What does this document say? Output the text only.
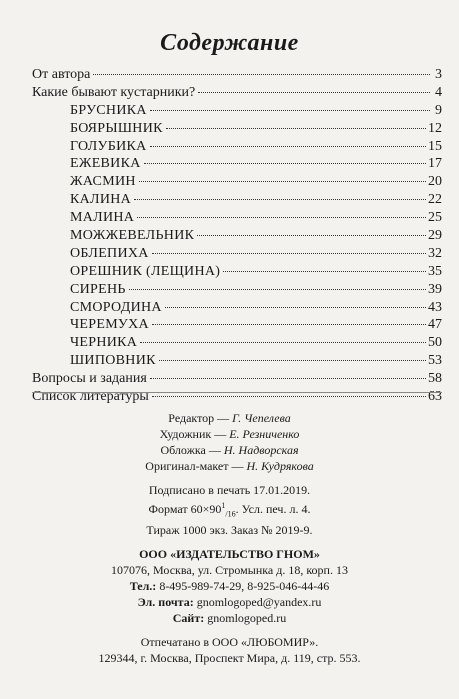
Содержание
От автора	3
Какие бывают кустарники?	4
БРУСНИКА	9
БОЯРЫШНИК	12
ГОЛУБИКА	15
ЕЖЕВИКА	17
ЖАСМИН	20
КАЛИНА	22
МАЛИНА	25
МОЖЖЕВЕЛЬНИК	29
ОБЛЕПИХА	32
ОРЕШНИК (ЛЕЩИНА)	35
СИРЕНЬ	39
СМОРОДИНА	43
ЧЕРЕМУХА	47
ЧЕРНИКА	50
ШИПОВНИК	53
Вопросы и задания	58
Список литературы	63
Редактор — Г. Чепелева
Художник — Е. Резниченко
Обложка — Н. Надворская
Оригинал-макет — Н. Кудрякова
Подписано в печать 17.01.2019.
Формат $60\times 90^1_{/16}$. Усл. печ. л. 4.
Тираж 1000 экз. Заказ № 2019-9.
ООО «ИЗДАТЕЛЬСТВО ГНОМ»
107076, Москва, ул. Стромынка д. 18, корп. 13
Тел.: 8-495-989-74-29, 8-925-046-44-46
Эл. почта: gnomlogoped@yandex.ru
Сайт: gnomlogoped.ru
Отпечатано в ООО «ЛЮБОМИР».
129344, г. Москва, Проспект Мира, д. 119, стр. 553.
